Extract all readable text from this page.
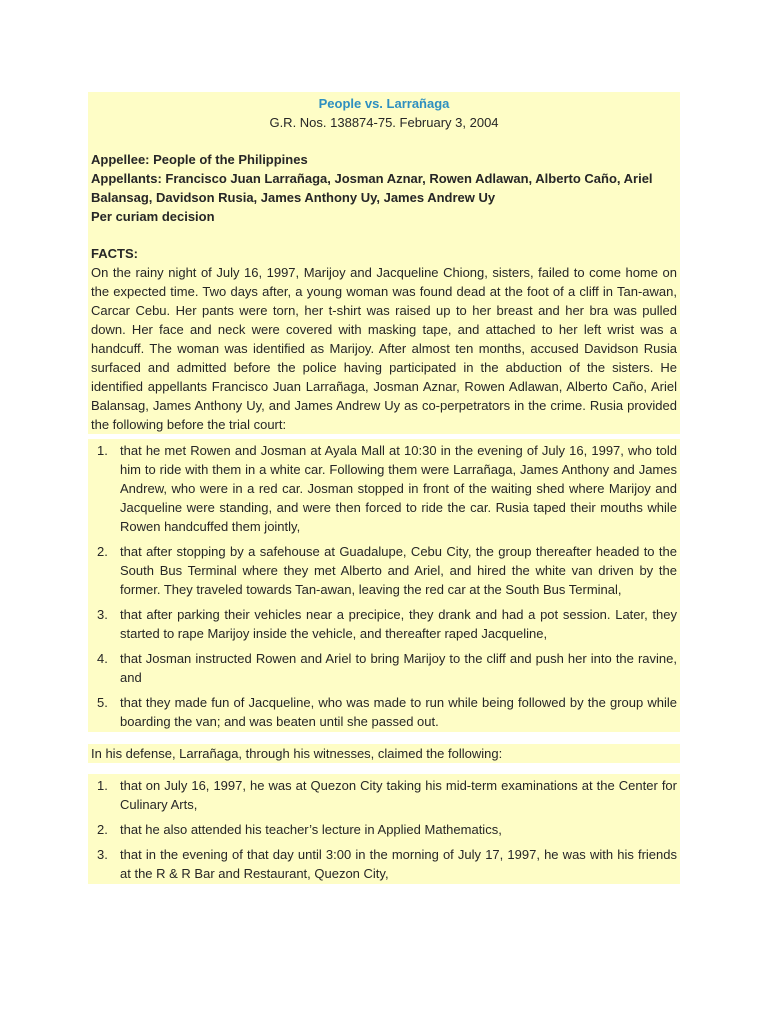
People vs. Larrañaga
G.R. Nos. 138874-75. February 3, 2004
Appellee: People of the Philippines
Appellants: Francisco Juan Larrañaga, Josman Aznar, Rowen Adlawan, Alberto Caño, Ariel Balansag, Davidson Rusia, James Anthony Uy, James Andrew Uy
Per curiam decision
FACTS:
On the rainy night of July 16, 1997, Marijoy and Jacqueline Chiong, sisters, failed to come home on the expected time. Two days after, a young woman was found dead at the foot of a cliff in Tan-awan, Carcar Cebu. Her pants were torn, her t-shirt was raised up to her breast and her bra was pulled down. Her face and neck were covered with masking tape, and attached to her left wrist was a handcuff. The woman was identified as Marijoy. After almost ten months, accused Davidson Rusia surfaced and admitted before the police having participated in the abduction of the sisters. He identified appellants Francisco Juan Larrañaga, Josman Aznar, Rowen Adlawan, Alberto Caño, Ariel Balansag, James Anthony Uy, and James Andrew Uy as co-perpetrators in the crime. Rusia provided the following before the trial court:
1. that he met Rowen and Josman at Ayala Mall at 10:30 in the evening of July 16, 1997, who told him to ride with them in a white car. Following them were Larrañaga, James Anthony and James Andrew, who were in a red car. Josman stopped in front of the waiting shed where Marijoy and Jacqueline were standing, and were then forced to ride the car. Rusia taped their mouths while Rowen handcuffed them jointly,
2. that after stopping by a safehouse at Guadalupe, Cebu City, the group thereafter headed to the South Bus Terminal where they met Alberto and Ariel, and hired the white van driven by the former. They traveled towards Tan-awan, leaving the red car at the South Bus Terminal,
3. that after parking their vehicles near a precipice, they drank and had a pot session. Later, they started to rape Marijoy inside the vehicle, and thereafter raped Jacqueline,
4. that Josman instructed Rowen and Ariel to bring Marijoy to the cliff and push her into the ravine, and
5. that they made fun of Jacqueline, who was made to run while being followed by the group while boarding the van; and was beaten until she passed out.
In his defense, Larrañaga, through his witnesses, claimed the following:
1. that on July 16, 1997, he was at Quezon City taking his mid-term examinations at the Center for Culinary Arts,
2. that he also attended his teacher’s lecture in Applied Mathematics,
3. that in the evening of that day until 3:00 in the morning of July 17, 1997, he was with his friends at the R & R Bar and Restaurant, Quezon City,
